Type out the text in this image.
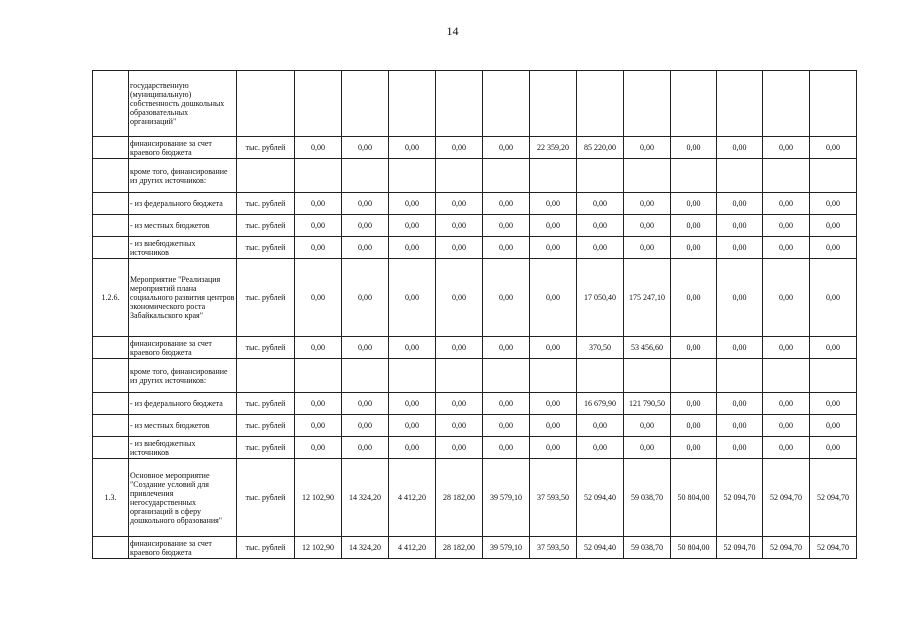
14
	государственную (муниципальную) собственность дошкольных образовательных организаций"													
	финансирование за счет краевого бюджета	тыс. рублей	0,00	0,00	0,00	0,00	0,00	22 359,20	85 220,00	0,00	0,00	0,00	0,00	0,00
	кроме того, финансирование из других источников:													
	- из федерального бюджета	тыс. рублей	0,00	0,00	0,00	0,00	0,00	0,00	0,00	0,00	0,00	0,00	0,00	0,00
	- из местных бюджетов	тыс. рублей	0,00	0,00	0,00	0,00	0,00	0,00	0,00	0,00	0,00	0,00	0,00	0,00
	- из внебюджетных источников	тыс. рублей	0,00	0,00	0,00	0,00	0,00	0,00	0,00	0,00	0,00	0,00	0,00	0,00
1.2.6.	Мероприятие "Реализация мероприятий плана социального развития центров экономического роста Забайкальского края"	тыс. рублей	0,00	0,00	0,00	0,00	0,00	0,00	17 050,40	175 247,10	0,00	0,00	0,00	0,00
	финансирование за счет краевого бюджета	тыс. рублей	0,00	0,00	0,00	0,00	0,00	0,00	370,50	53 456,60	0,00	0,00	0,00	0,00
	кроме того, финансирование из других источников:													
	- из федерального бюджета	тыс. рублей	0,00	0,00	0,00	0,00	0,00	0,00	16 679,90	121 790,50	0,00	0,00	0,00	0,00
	- из местных бюджетов	тыс. рублей	0,00	0,00	0,00	0,00	0,00	0,00	0,00	0,00	0,00	0,00	0,00	0,00
	- из внебюджетных источников	тыс. рублей	0,00	0,00	0,00	0,00	0,00	0,00	0,00	0,00	0,00	0,00	0,00	0,00
1.3.	Основное мероприятие "Создание условий для привлечения негосударственных организаций в сферу дошкольного образования"	тыс. рублей	12 102,90	14 324,20	4 412,20	28 182,00	39 579,10	37 593,50	52 094,40	59 038,70	50 804,00	52 094,70	52 094,70	52 094,70
	финансирование за счет краевого бюджета	тыс. рублей	12 102,90	14 324,20	4 412,20	28 182,00	39 579,10	37 593,50	52 094,40	59 038,70	50 804,00	52 094,70	52 094,70	52 094,70
